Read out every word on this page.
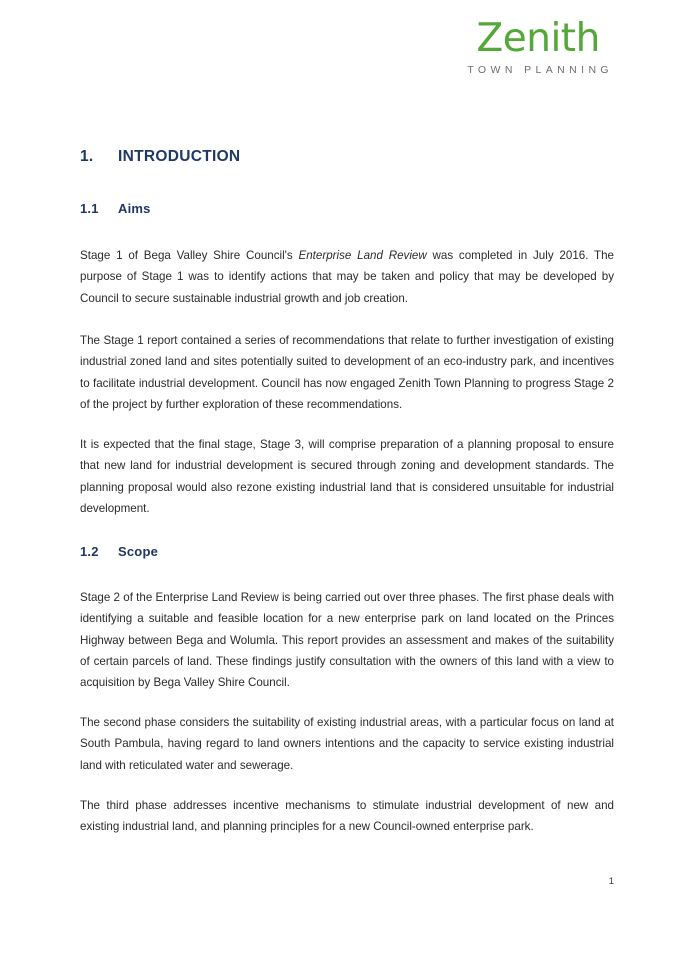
Zenith
TOWN PLANNING
1. INTRODUCTION
1.1 Aims

Stage 1 of Bega Valley Shire Council's Enterprise Land Review was completed in July 2016. The purpose of Stage 1 was to identify actions that may be taken and policy that may be developed by Council to secure sustainable industrial growth and job creation.

The Stage 1 report contained a series of recommendations that relate to further investigation of existing industrial zoned land and sites potentially suited to development of an eco-industry park, and incentives to facilitate industrial development. Council has now engaged Zenith Town Planning to progress Stage 2 of the project by further exploration of these recommendations.

It is expected that the final stage, Stage 3, will comprise preparation of a planning proposal to ensure that new land for industrial development is secured through zoning and development standards. The planning proposal would also rezone existing industrial land that is considered unsuitable for industrial development.

1.2 Scope

Stage 2 of the Enterprise Land Review is being carried out over three phases. The first phase deals with identifying a suitable and feasible location for a new enterprise park on land located on the Princes Highway between Bega and Wolumla. This report provides an assessment and makes of the suitability of certain parcels of land. These findings justify consultation with the owners of this land with a view to acquisition by Bega Valley Shire Council.

The second phase considers the suitability of existing industrial areas, with a particular focus on land at South Pambula, having regard to land owners intentions and the capacity to service existing industrial land with reticulated water and sewerage.

The third phase addresses incentive mechanisms to stimulate industrial development of new and existing industrial land, and planning principles for a new Council-owned enterprise park.

1
